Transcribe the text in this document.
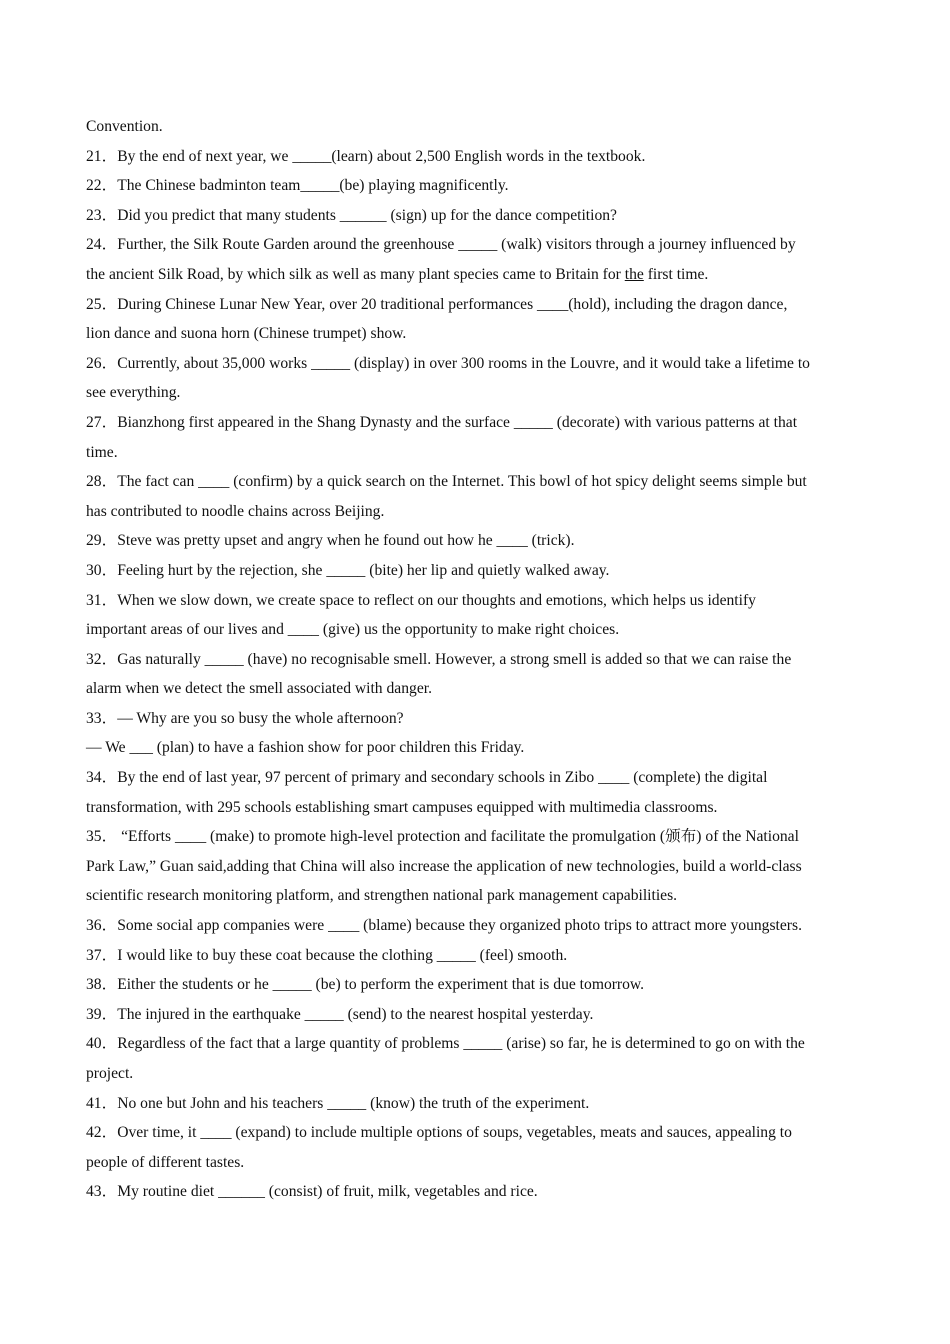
Convention.
21．By the end of next year, we _____(learn) about 2,500 English words in the textbook.
22．The Chinese badminton team_____(be) playing magnificently.
23．Did you predict that many students ______ (sign) up for the dance competition?
24．Further, the Silk Route Garden around the greenhouse _____ (walk) visitors through a journey influenced by
the ancient Silk Road, by which silk as well as many plant species came to Britain for the first time.
25．During Chinese Lunar New Year, over 20 traditional performances ____(hold), including the dragon dance,
lion dance and suona horn (Chinese trumpet) show.
26．Currently, about 35,000 works _____ (display) in over 300 rooms in the Louvre, and it would take a lifetime to
see everything.
27．Bianzhong first appeared in the Shang Dynasty and the surface _____ (decorate) with various patterns at that
time.
28．The fact can ____ (confirm) by a quick search on the Internet. This bowl of hot spicy delight seems simple but
has contributed to noodle chains across Beijing.
29．Steve was pretty upset and angry when he found out how he ____ (trick).
30．Feeling hurt by the rejection, she _____ (bite) her lip and quietly walked away.
31．When we slow down, we create space to reflect on our thoughts and emotions, which helps us identify
important areas of our lives and ____ (give) us the opportunity to make right choices.
32．Gas naturally _____ (have) no recognisable smell. However, a strong smell is added so that we can raise the
alarm when we detect the smell associated with danger.
33．— Why are you so busy the whole afternoon?
— We ___ (plan) to have a fashion show for poor children this Friday.
34．By the end of last year, 97 percent of primary and secondary schools in Zibo ____ (complete) the digital
transformation, with 295 schools establishing smart campuses equipped with multimedia classrooms.
35． “Efforts ____ (make) to promote high-level protection and facilitate the promulgation (颁布) of the National
Park Law,” Guan said,adding that China will also increase the application of new technologies, build a world-class
scientific research monitoring platform, and strengthen national park management capabilities.
36．Some social app companies were ____ (blame) because they organized photo trips to attract more youngsters.
37．I would like to buy these coat because the clothing _____ (feel) smooth.
38．Either the students or he _____ (be) to perform the experiment that is due tomorrow.
39．The injured in the earthquake _____ (send) to the nearest hospital yesterday.
40．Regardless of the fact that a large quantity of problems _____ (arise) so far, he is determined to go on with the
project.
41．No one but John and his teachers _____ (know) the truth of the experiment.
42．Over time, it ____ (expand) to include multiple options of soups, vegetables, meats and sauces, appealing to
people of different tastes.
43．My routine diet ______ (consist) of fruit, milk, vegetables and rice.
